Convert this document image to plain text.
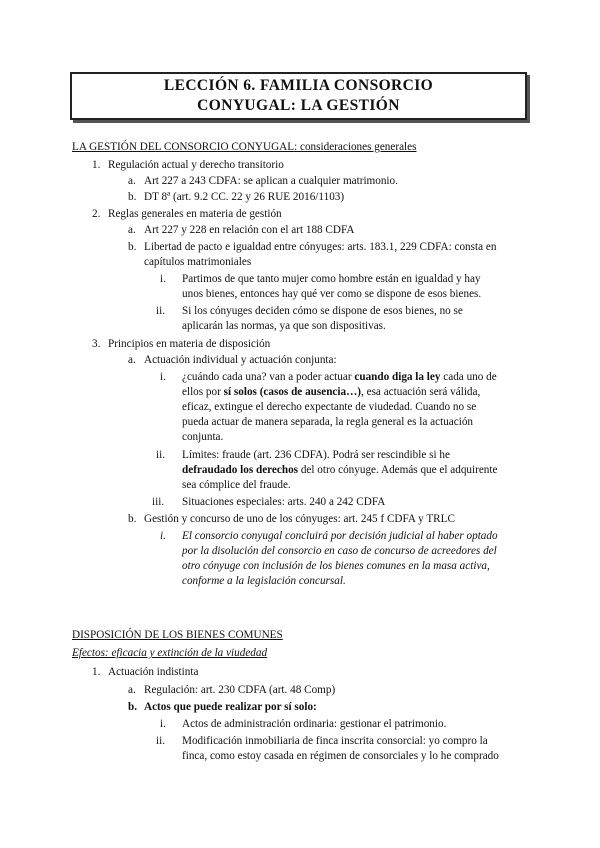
LECCIÓN 6. FAMILIA CONSORCIO CONYUGAL: LA GESTIÓN
LA GESTIÓN DEL CONSORCIO CONYUGAL: consideraciones generales
1. Regulación actual y derecho transitorio
a. Art 227 a 243 CDFA: se aplican a cualquier matrimonio.
b. DT 8ª (art. 9.2 CC. 22 y 26 RUE 2016/1103)
2. Reglas generales en materia de gestión
a. Art 227 y 228 en relación con el art 188 CDFA
b. Libertad de pacto e igualdad entre cónyuges: arts. 183.1, 229 CDFA: consta en
capítulos matrimoniales
i. Partimos de que tanto mujer como hombre están en igualdad y hay
unos bienes, entonces hay qué ver como se dispone de esos bienes.
ii. Si los cónyuges deciden cómo se dispone de esos bienes, no se
aplicarán las normas, ya que son dispositivas.
3. Principios en materia de disposición
a. Actuación individual y actuación conjunta:
i. ¿cuándo cada una? van a poder actuar cuando diga la ley cada uno de
ellos por sí solos (casos de ausencia…), esa actuación será válida,
eficaz, extingue el derecho expectante de viudedad. Cuando no se
pueda actuar de manera separada, la regla general es la actuación
conjunta.
ii. Límites: fraude (art. 236 CDFA). Podrá ser rescindible si he
defraudado los derechos del otro cónyuge. Además que el adquirente
sea cómplice del fraude.
iii. Situaciones especiales: arts. 240 a 242 CDFA
b. Gestión y concurso de uno de los cónyuges: art. 245 f CDFA y TRLC
i. El consorcio conyugal concluirá por decisión judicial al haber optado
por la disolución del consorcio en caso de concurso de acreedores del
otro cónyuge con inclusión de los bienes comunes en la masa activa,
conforme a la legislación concursal.
DISPOSICIÓN DE LOS BIENES COMUNES
Efectos: eficacia y extinción de la viudedad
1. Actuación indistinta
a. Regulación: art. 230 CDFA (art. 48 Comp)
b. Actos que puede realizar por sí solo:
i. Actos de administración ordinaria: gestionar el patrimonio.
ii. Modificación inmobiliaria de finca inscrita consorcial: yo compro la
finca, como estoy casada en régimen de consorciales y lo he comprado
